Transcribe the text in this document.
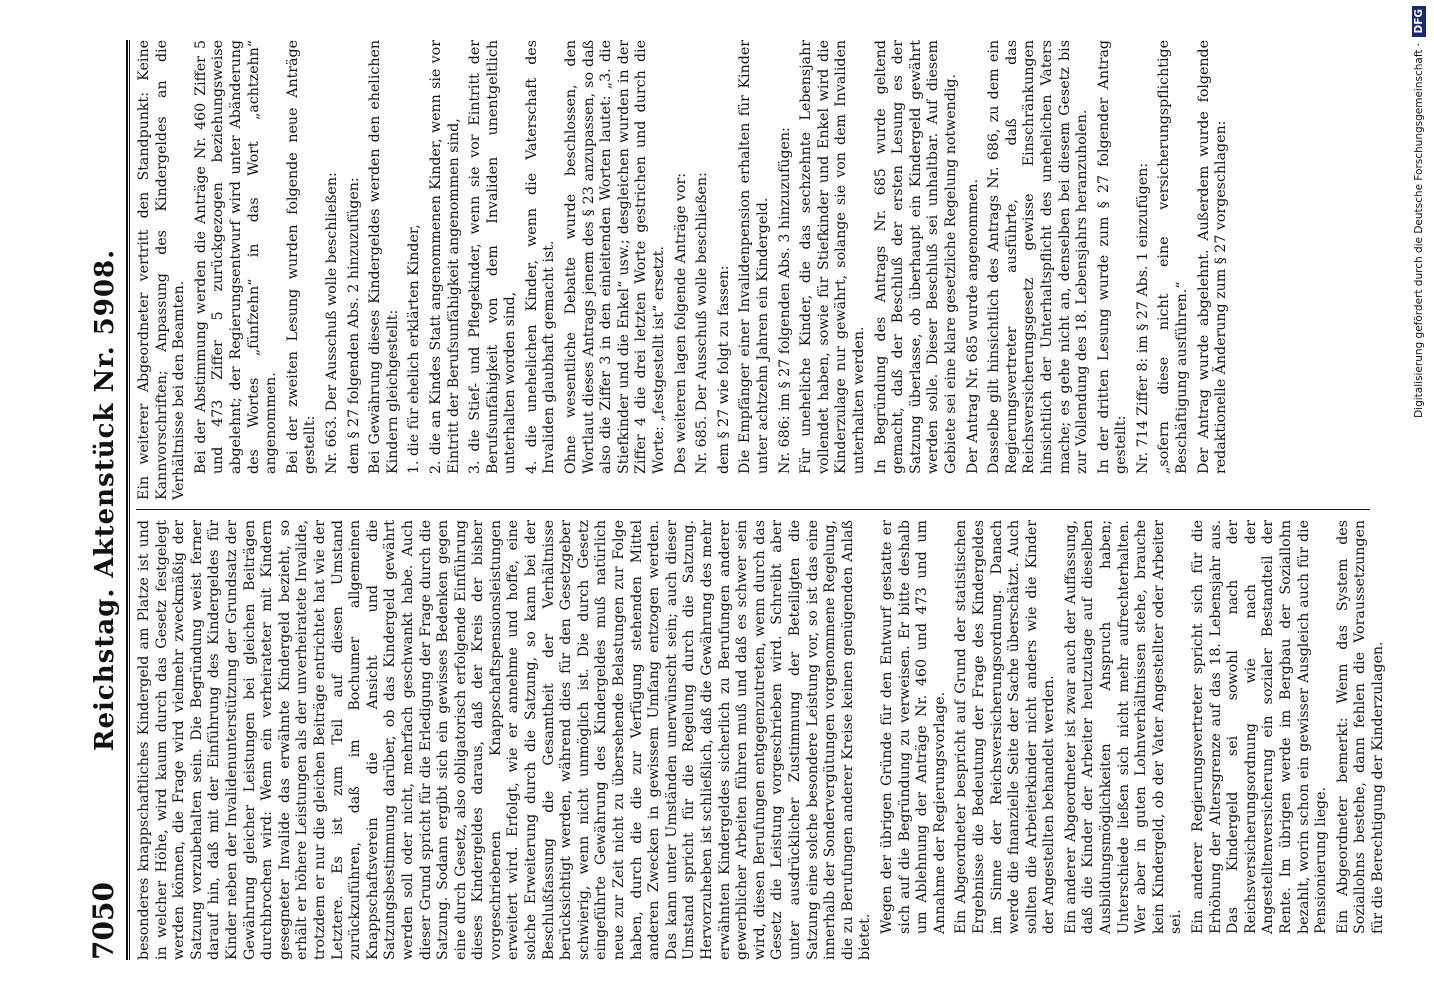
7050
Reichstag. Aktenstück Nr. 5908. besonderes knappschaftliches Kindergeld am Platze ist und in welcher Höhe, wird kaum durch das Gesetz festgelegt werden können, die Frage wird vielmehr zweckmäßig der Satzung vorzubehalten sein. Die Begründung weist ferner darauf hin, daß mit der Einführung des Kindergeldes für Kinder neben der Invalidenunterstützung der Grundsatz der Gewährung gleicher Leistungen bei gleichen Beiträgen durchbrochen wird: Wenn ein verheirateter mit Kindern gesegneter Invalide das erwähnte Kindergeld bezieht, so erhält er höhere Leistungen als der unverheiratete Invalide, trotzdem er nur die gleichen Beiträge entrichtet hat wie der Letztere. Es ist zum Teil auf diesen Umstand zurückzuführen, daß im Bochumer allgemeinen Knappschaftsverein die Ansicht und die Satzungsbestimmung darüber, ob das Kindergeld gewährt werden soll oder nicht, mehrfach geschwankt habe. Auch dieser Grund spricht für die Erledigung der Frage durch die Satzung. Sodann ergibt sich ein gewisses Bedenken gegen eine durch Gesetz, also obligatorisch erfolgende Einführung dieses Kindergeldes daraus, daß der Kreis der bisher vorgeschriebenen Knappschaftspensionsleistungen erweitert wird. Erfolgt, wie er annehme und hoffe, eine solche Erweiterung durch die Satzung, so kann bei der Beschlußfassung die Gesamtheit der Verhältnisse berücksichtigt werden, während dies für den Gesetzgeber schwierig, wenn nicht unmöglich ist. Die durch Gesetz eingeführte Gewährung des Kindergeldes muß natürlich neue zur Zeit nicht zu übersehende Belastungen zur Folge haben, durch die die zur Verfügung stehenden Mittel anderen Zwecken in gewissem Umfang entzogen werden. Das kann unter Umständen unerwünscht sein; auch dieser Umstand spricht für die Regelung durch die Satzung. Hervorzuheben ist schließlich, daß die Gewährung des mehr erwähnten Kindergeldes sicherlich zu Berufungen anderer gewerblicher Arbeiten führen muß und daß es schwer sein wird, diesen Berufungen entgegenzutreten, wenn durch das Gesetz die Leistung vorgeschrieben wird. Schreibt aber unter ausdrücklicher Zustimmung der Beteiligten die Satzung eine solche besondere Leistung vor, so ist das eine innerhalb der Sondervergütungen vorgenommene Regelung, die zu Berufungen anderer Kreise keinen genügenden Anlaß bietet.

Wegen der übrigen Gründe für den Entwurf gestatte er sich auf die Begründung zu verweisen. Er bitte deshalb um Ablehnung der Anträge Nr. 460 und 473 und um Annahme der Regierungsvorlage. Ein Abgeordneter bespricht auf Grund der statistischen Ergebnisse die Bedeutung der Frage des Kindergeldes im Sinne der Reichsversicherungsordnung. Danach werde die finanzielle Seite der Sache überschätzt. Auch sollten die Arbeiterkinder nicht anders wie die Kinder der Angestellten behandelt werden. Ein anderer Abgeordneter ist zwar auch der Auffassung, daß die Kinder der Arbeiter heutzutage auf dieselben Ausbildungsmöglichkeiten Anspruch haben; Unterschiede ließen sich nicht mehr aufrechterhalten. Wer aber in guten Lohnverhältnissen stehe, brauche kein Kindergeld, ob der Vater Angestellter oder Arbeiter sei. Ein anderer Regierungsvertreter spricht sich für die Erhöhung der Altersgrenze auf das 18. Lebensjahr aus. Das Kindergeld sei sowohl nach der Reichsversicherungsordnung wie nach der Angestelltenversicherung ein sozialer Bestandteil der Rente. Im übrigen werde im Bergbau der Soziallohn bezahlt, worin schon ein gewisser Ausgleich auch für die Pensionierung liege. Ein Abgeordneter bemerkt: Wenn das System des Soziallohns bestehe, dann fehlen die Voraussetzungen für die Berechtigung der Kinderzulagen.

Ein weiterer Abgeordneter vertritt den Standpunkt: Keine Kannvorschriften; Anpassung des Kindergeldes an die Verhältnisse bei den Beamten. Bei der Abstimmung werden die Anträge Nr. 460 Ziffer 5 und 473 Ziffer 5 zurückgezogen beziehungsweise abgelehnt; der Regierungsentwurf wird unter Abänderung des Wortes „fünfzehn“ in das Wort „achtzehn“ angenommen. Bei der zweiten Lesung wurden folgende neue Anträge gestellt: Nr. 663. Der Ausschuß wolle beschließen: dem § 27 folgenden Abs. 2 hinzuzufügen: Bei Gewährung dieses Kindergeldes werden den ehelichen Kindern gleichgestellt: 1. die für ehelich erklärten Kinder, 2. die an Kindes Statt angenommenen Kinder, wenn sie vor Eintritt der Berufsunfähigkeit angenommen sind, 3. die Stief- und Pflegekinder, wenn sie vor Eintritt der Berufsunfähigkeit von dem Invaliden unentgeltlich unterhalten worden sind, 4. die unehelichen Kinder, wenn die Vaterschaft des Invaliden glaubhaft gemacht ist. Ohne wesentliche Debatte wurde beschlossen, den Wortlaut dieses Antrags jenem des § 23 anzupassen, so daß also die Ziffer 3 in den einleitenden Worten lautet: „3. die Stiefkinder und die Enkel“ usw.; desgleichen wurden in der Ziffer 4 die drei letzten Worte gestrichen und durch die Worte: „festgestellt ist“ ersetzt. Des weiteren lagen folgende Anträge vor: Nr. 685. Der Ausschuß wolle beschließen: dem § 27 wie folgt zu fassen: Die Empfänger einer Invalidenpension erhalten für Kinder unter achtzehn Jahren ein Kindergeld. Nr. 686: im § 27 folgenden Abs. 3 hinzuzufügen: Für uneheliche Kinder, die das sechzehnte Lebensjahr vollendet haben, sowie für Stiefkinder und Enkel wird die Kinderzulage nur gewährt, solange sie von dem Invaliden unterhalten werden. In Begründung des Antrags Nr. 685 wurde geltend gemacht, daß der Beschluß der ersten Lesung es der Satzung überlasse, ob überhaupt ein Kindergeld gewährt werden solle. Dieser Beschluß sei unhaltbar. Auf diesem Gebiete sei eine klare gesetzliche Regelung notwendig. Der Antrag Nr. 685 wurde angenommen. Dasselbe gilt hinsichtlich des Antrags Nr. 686, zu dem ein Regierungsvertreter ausführte, daß das Reichsversicherungsgesetz gewisse Einschränkungen hinsichtlich der Unterhaltspflicht des unehelichen Vaters mache; es gehe nicht an, denselben bei diesem Gesetz bis zur Vollendung des 18. Lebensjahrs heranzuholen. In der dritten Lesung wurde zum § 27 folgender Antrag gestellt: Nr. 714 Ziffer 8: im § 27 Abs. 1 einzufügen: „sofern diese nicht eine versicherungspflichtige Beschäftigung ausführen.“ Der Antrag wurde abgelehnt. Außerdem wurde folgende redaktionelle Änderung zum § 27 vorgeschlagen:	Digitalisierung gefördert durch die Deutsche Forschungsgemeinschaft · DFG
